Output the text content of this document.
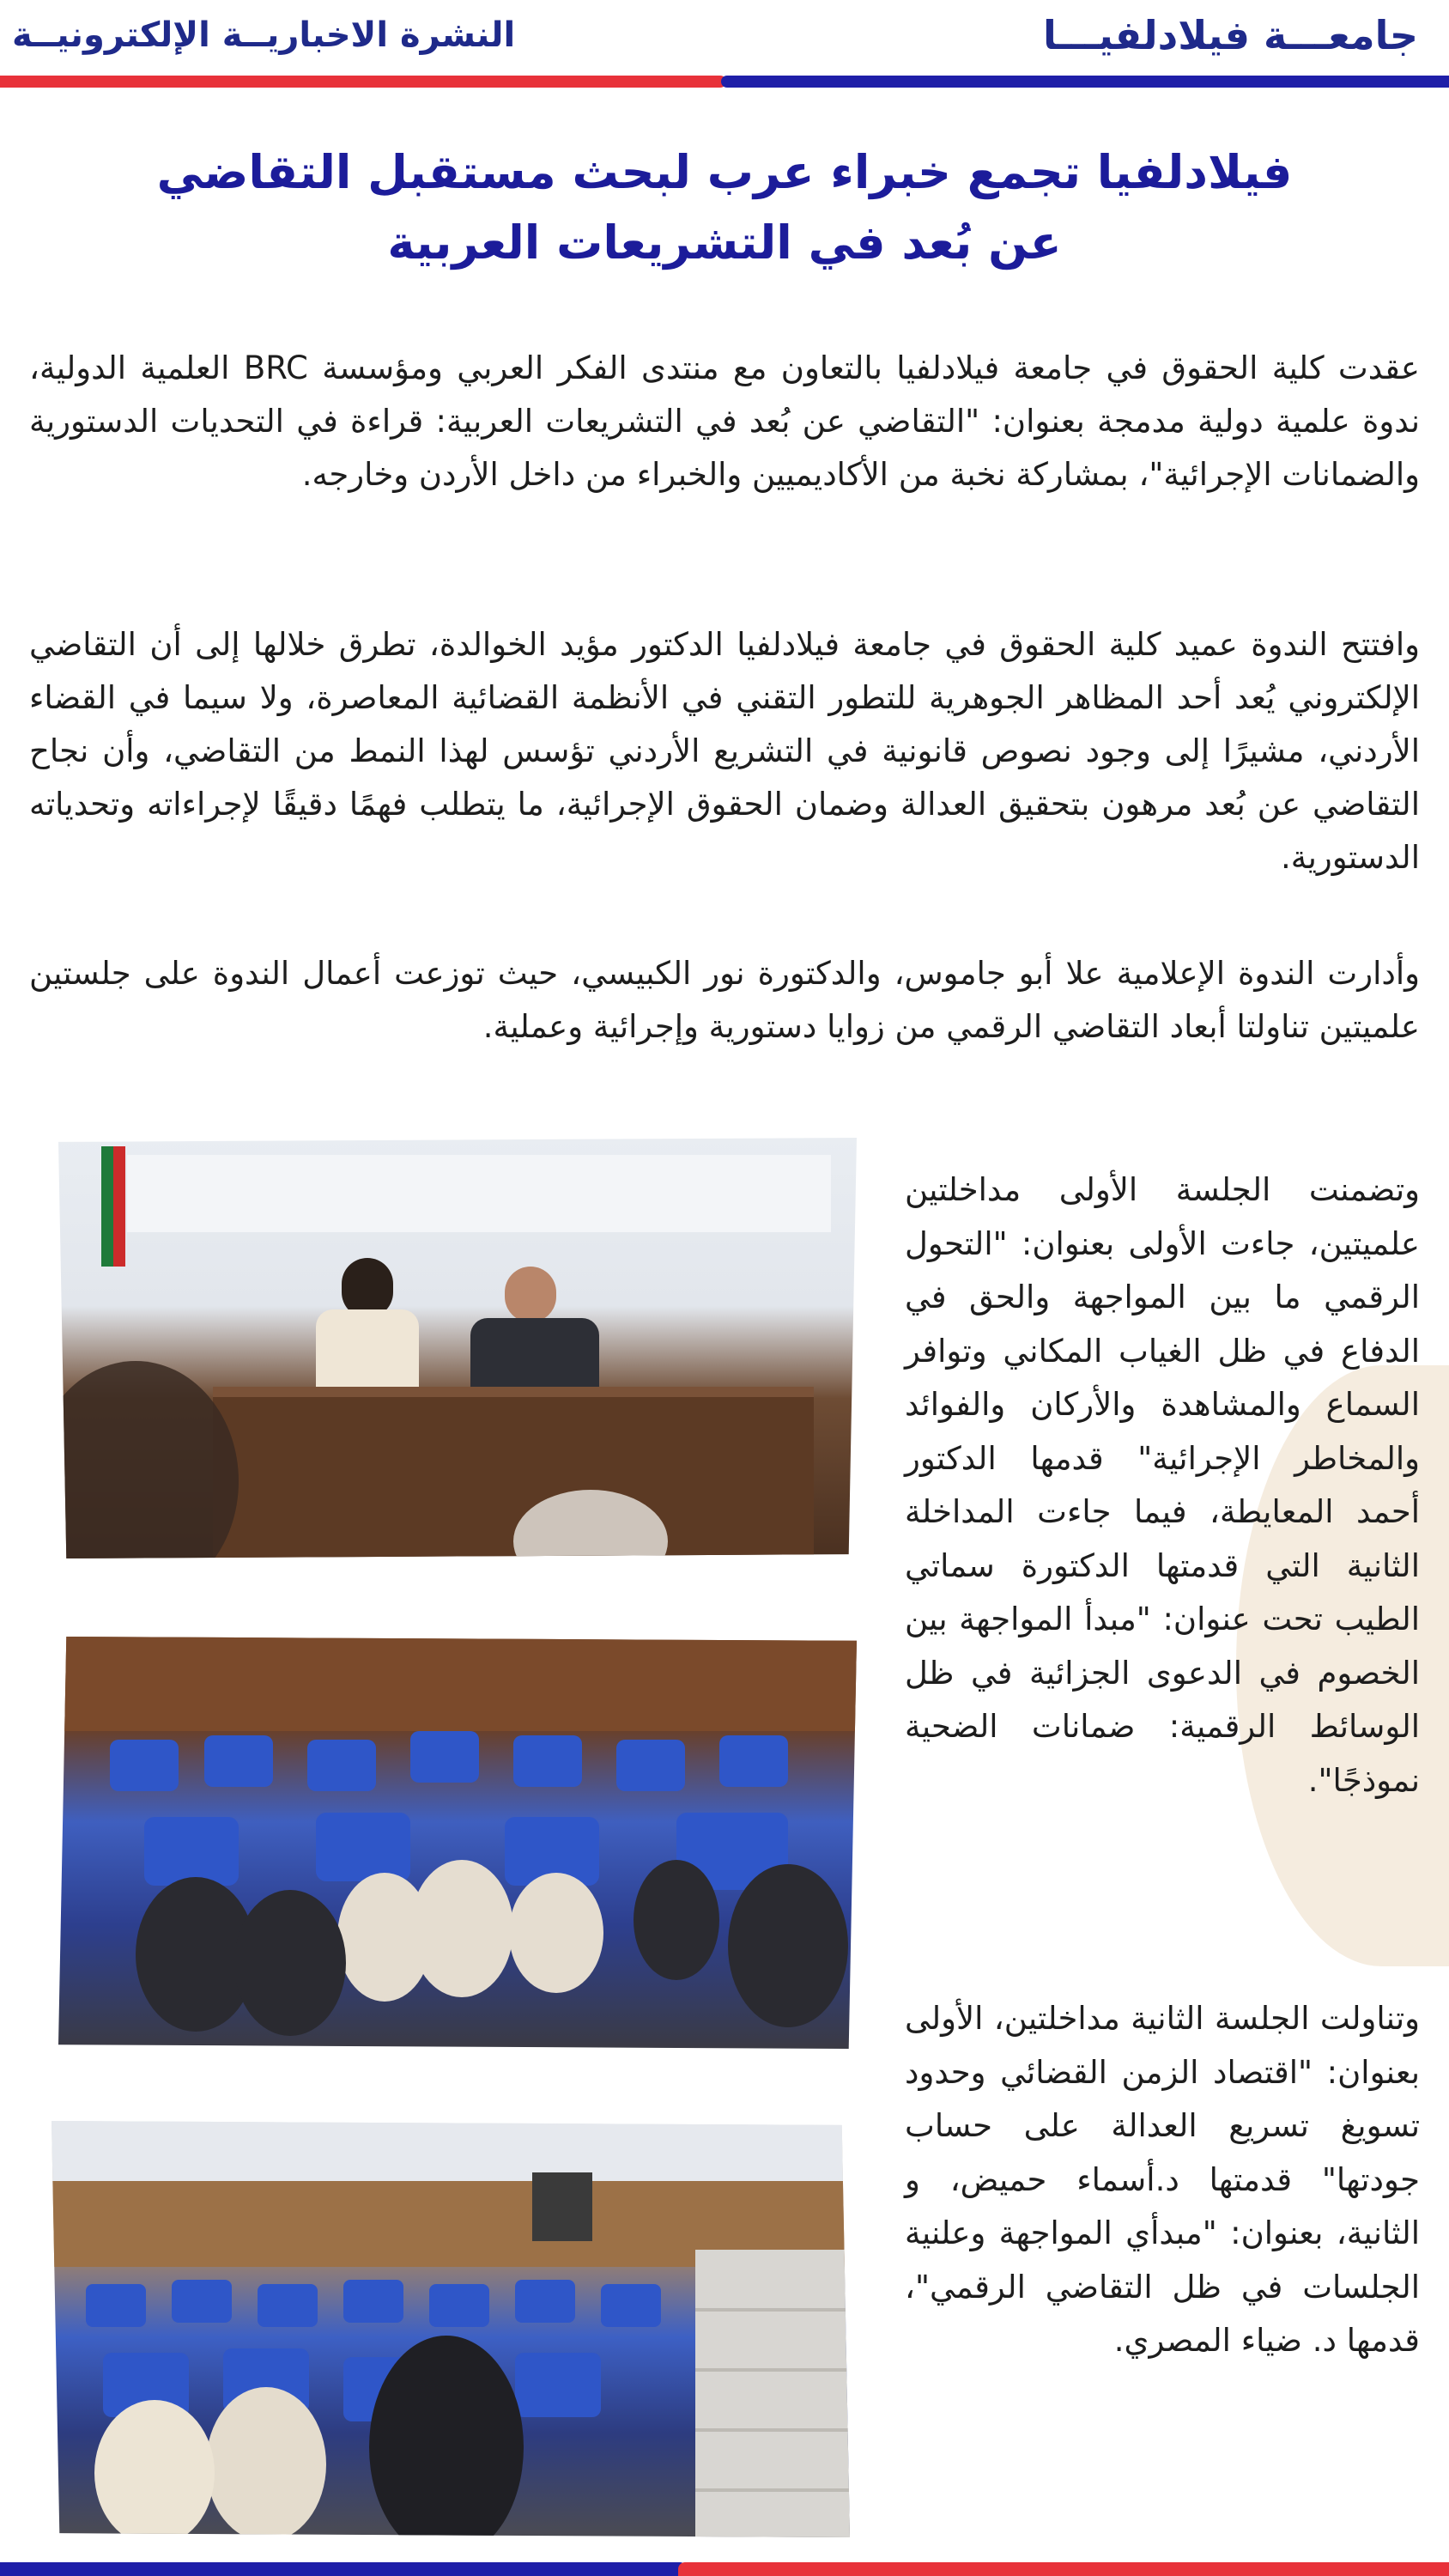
جامعـــة فيلادلفيـــا
النشرة الاخباريــة الإلكترونيــة
فيلادلفيا تجمع خبراء عرب لبحث مستقبل التقاضي عن بُعد في التشريعات العربية

عقدت كلية الحقوق في جامعة فيلادلفيا بالتعاون مع منتدى الفكر العربي ومؤسسة BRC العلمية الدولية، ندوة علمية دولية مدمجة بعنوان: "التقاضي عن بُعد في التشريعات العربية: قراءة في التحديات الدستورية والضمانات الإجرائية"، بمشاركة نخبة من الأكاديميين والخبراء من داخل الأردن وخارجه.

وافتتح الندوة عميد كلية الحقوق في جامعة فيلادلفيا الدكتور مؤيد الخوالدة، تطرق خلالها إلى أن التقاضي الإلكتروني يُعد أحد المظاهر الجوهرية للتطور التقني في الأنظمة القضائية المعاصرة، ولا سيما في القضاء الأردني، مشيرًا إلى وجود نصوص قانونية في التشريع الأردني تؤسس لهذا النمط من التقاضي، وأن نجاح التقاضي عن بُعد مرهون بتحقيق العدالة وضمان الحقوق الإجرائية، ما يتطلب فهمًا دقيقًا لإجراءاته وتحدياته الدستورية.

وأدارت الندوة الإعلامية علا أبو جاموس، والدكتورة نور الكبيسي، حيث توزعت أعمال الندوة على جلستين علميتين تناولتا أبعاد التقاضي الرقمي من زوايا دستورية وإجرائية وعملية.

وتضمنت الجلسة الأولى مداخلتين علميتين، جاءت الأولى بعنوان: "التحول الرقمي ما بين المواجهة والحق في الدفاع في ظل الغياب المكاني وتوافر السماع والمشاهدة والأركان والفوائد والمخاطر الإجرائية" قدمها الدكتور أحمد المعايطة، فيما جاءت المداخلة الثانية التي قدمتها الدكتورة سماتي الطيب تحت عنوان: "مبدأ المواجهة بين الخصوم في الدعوى الجزائية في ظل الوسائط الرقمية: ضمانات الضحية نموذجًا".

وتناولت الجلسة الثانية مداخلتين، الأولى بعنوان: "اقتصاد الزمن القضائي وحدود تسويغ تسريع العدالة على حساب جودتها" قدمتها د.أسماء حميض، و الثانية، بعنوان: "مبدأي المواجهة وعلنية الجلسات في ظل التقاضي الرقمي"، قدمها د. ضياء المصري.
